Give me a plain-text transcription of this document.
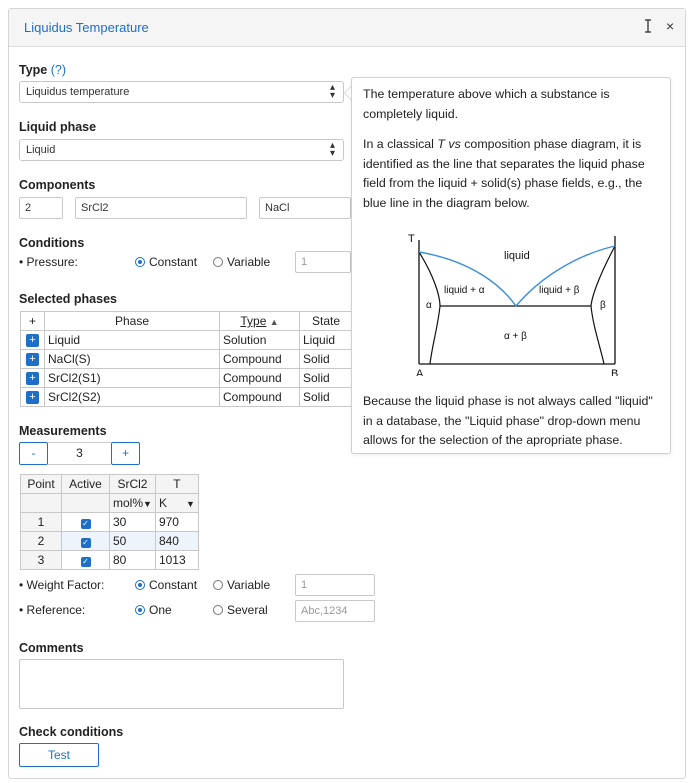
Liquidus Temperature	×
Type (?)
Liquidus temperature	▴
▾
Liquid phase
Liquid	▴
▾
Components
2	SrCl2	NaCl
Conditions
• Pressure:	Constant	Variable	1
Selected phases
+	Phase	Type ▲	State
+	Liquid	Solution	Liquid
+	NaCl(S)	Compound	Solid
+	SrCl2(S1)	Compound	Solid
+	SrCl2(S2)	Compound	Solid
Measurements
-	3	+
Point	Active	SrCl2	T
		mol%▼	K ▼

1	✓	30	970
2	✓	50	840
3	✓	80	1013
• Weight Factor:	Constant	Variable	1
• Reference:	One	Several	Abc,1234
Comments
Check conditions
Test
The temperature above which a substance is completely liquid.
In a classical T vs composition phase diagram, it is identified as the line that separates the liquid phase field from the liquid + solid(s) phase fields, e.g., the blue line in the diagram below.
T
A	B
liquid
liquid + α	liquid + β
α	β
α + β
Because the liquid phase is not always called "liquid" in a database, the "Liquid phase" drop-down menu allows for the selection of the apropriate phase.
